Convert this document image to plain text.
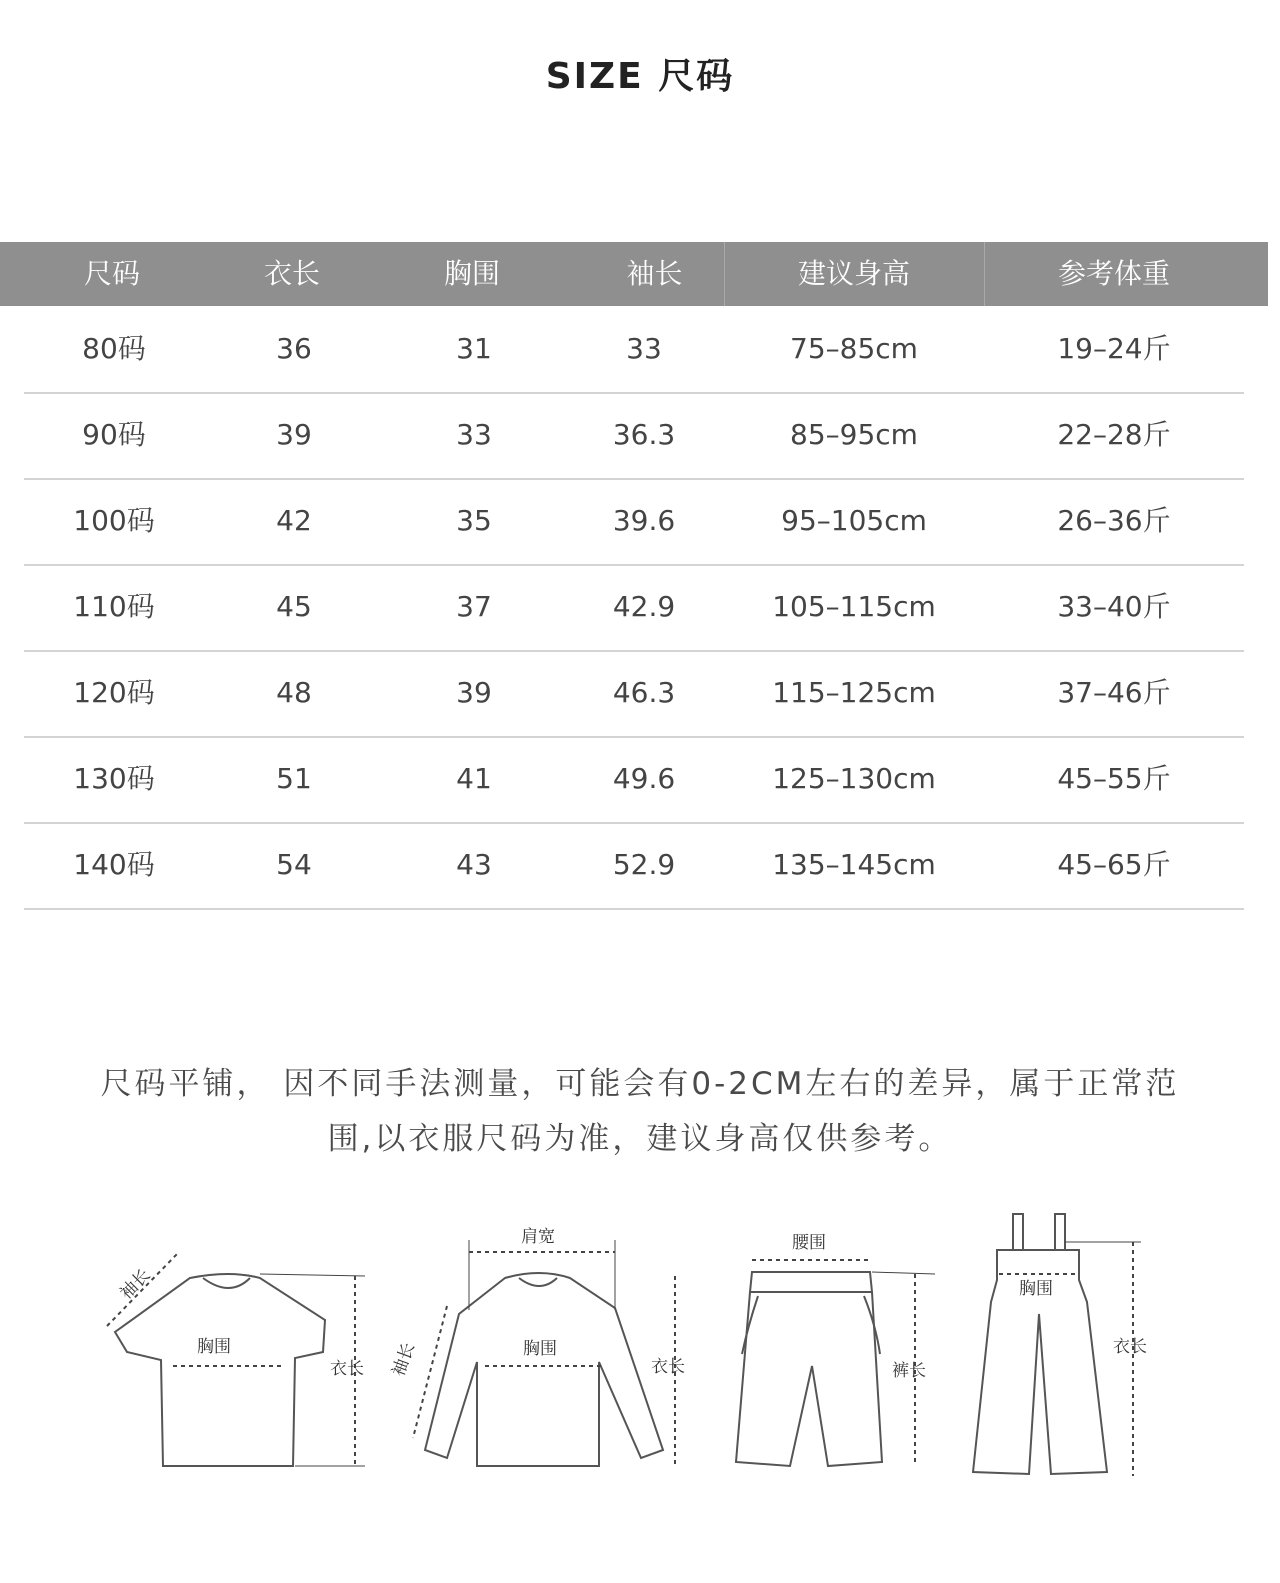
SIZE 尺码
尺码	衣长	胸围	袖长	建议身高	参考体重
80码	36	31	33	75–85cm	19–24斤
90码	39	33	36.3	85–95cm	22–28斤
100码	42	35	39.6	95–105cm	26–36斤
110码	45	37	42.9	105–115cm	33–40斤
120码	48	39	46.3	115–125cm	37–46斤
130码	51	41	49.6	125–130cm	45–55斤
140码	54	43	52.9	135–145cm	45–65斤
尺码平铺， 因不同手法测量，可能会有0-2CM左右的差异，属于正常范
围,以衣服尺码为准，建议身高仅供参考。
袖长
胸围
衣长
肩宽
袖长	胸围
衣长
腰围
裤长
胸围
衣长
